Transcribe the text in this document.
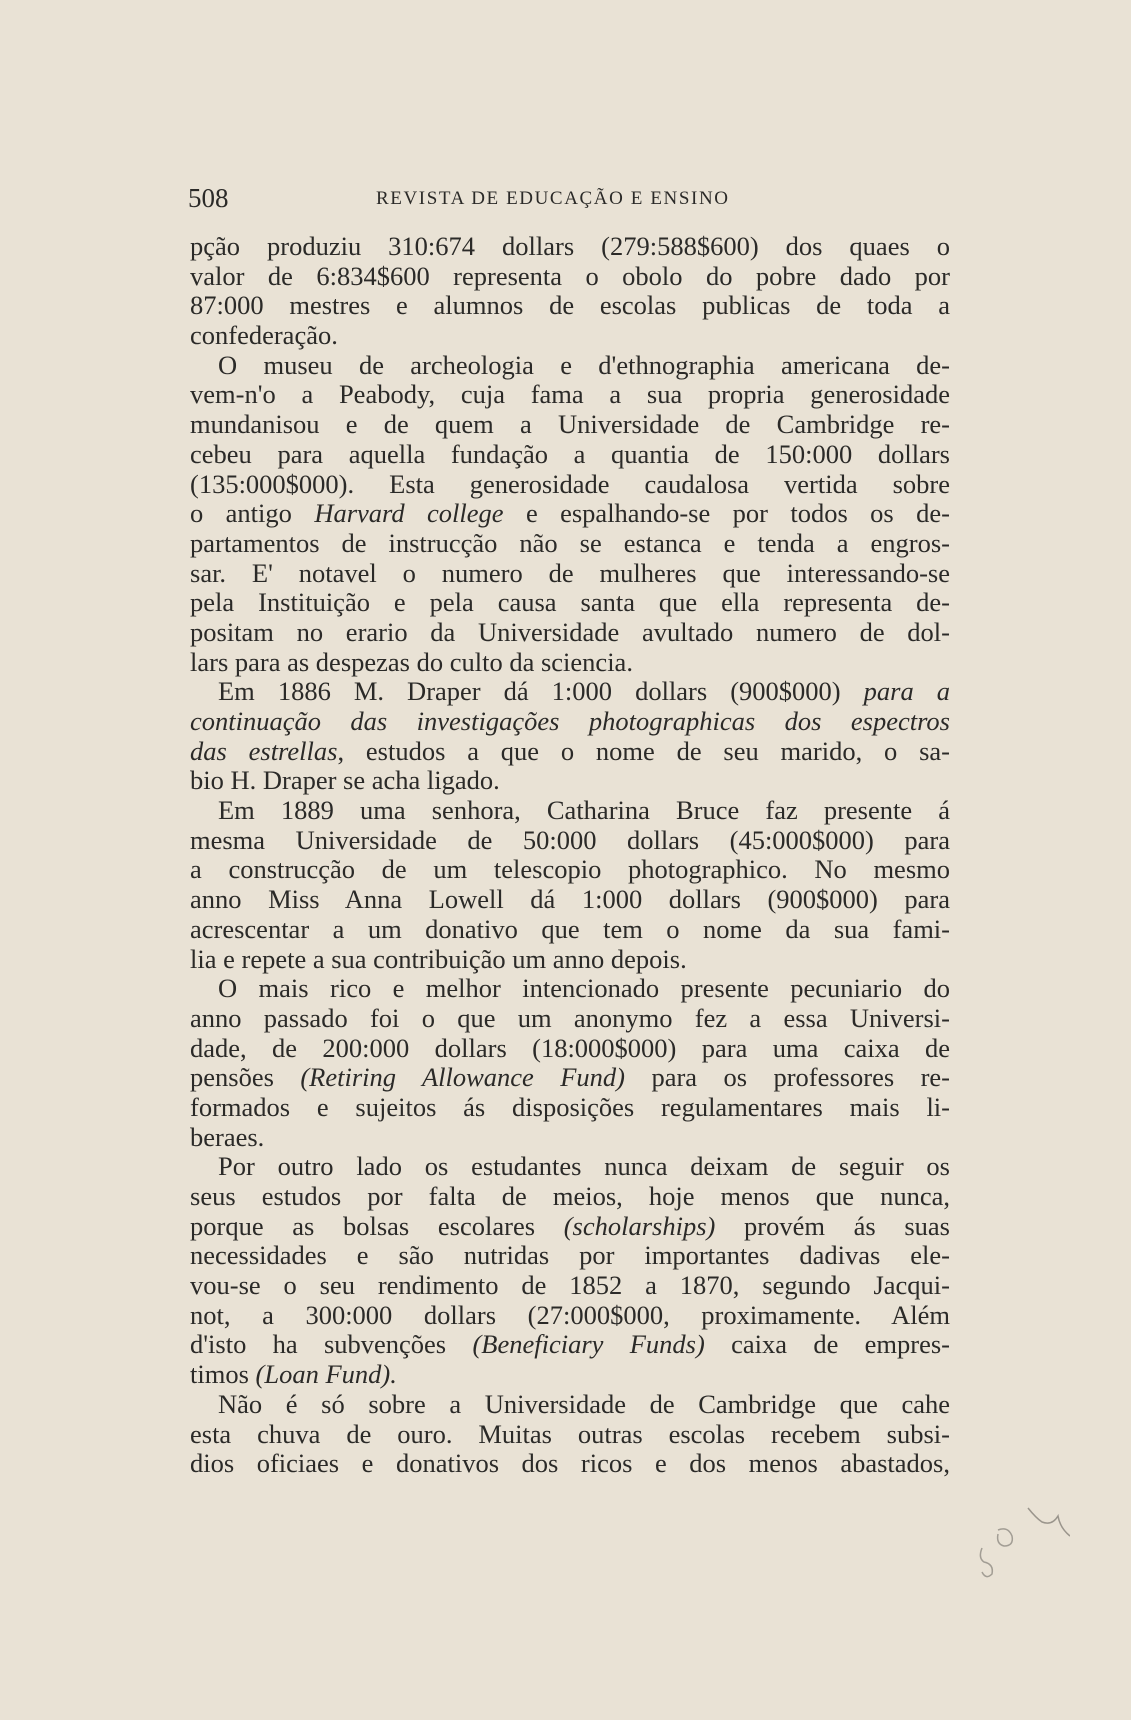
508	REVISTA DE EDUCAÇÃO E ENSINO
pção produziu 310:674 dollars (279:588$600) dos quaes o
valor de 6:834$600 representa o obolo do pobre dado por
87:000 mestres e alumnos de escolas publicas de toda a
confederação.
O museu de archeologia e d'ethnographia americana de-
vem-n'o a Peabody, cuja fama a sua propria generosidade
mundanisou e de quem a Universidade de Cambridge re-
cebeu para aquella fundação a quantia de 150:000 dollars
(135:000$000). Esta generosidade caudalosa vertida sobre
o antigo Harvard college e espalhando-se por todos os de-
partamentos de instrucção não se estanca e tenda a engros-
sar. E' notavel o numero de mulheres que interessando-se
pela Instituição e pela causa santa que ella representa de-
positam no erario da Universidade avultado numero de dol-
lars para as despezas do culto da sciencia.
Em 1886 M. Draper dá 1:000 dollars (900$000) para a
continuação das investigações photographicas dos espectros
das estrellas, estudos a que o nome de seu marido, o sa-
bio H. Draper se acha ligado.
Em 1889 uma senhora, Catharina Bruce faz presente á
mesma Universidade de 50:000 dollars (45:000$000) para
a construcção de um telescopio photographico. No mesmo
anno Miss Anna Lowell dá 1:000 dollars (900$000) para
acrescentar a um donativo que tem o nome da sua fami-
lia e repete a sua contribuição um anno depois.
O mais rico e melhor intencionado presente pecuniario do
anno passado foi o que um anonymo fez a essa Universi-
dade, de 200:000 dollars (18:000$000) para uma caixa de
pensões (Retiring Allowance Fund) para os professores re-
formados e sujeitos ás disposições regulamentares mais li-
beraes.
Por outro lado os estudantes nunca deixam de seguir os
seus estudos por falta de meios, hoje menos que nunca,
porque as bolsas escolares (scholarships) provém ás suas
necessidades e são nutridas por importantes dadivas ele-
vou-se o seu rendimento de 1852 a 1870, segundo Jacqui-
not, a 300:000 dollars (27:000$000, proximamente. Além
d'isto ha subvenções (Beneficiary Funds) caixa de empres-
timos (Loan Fund).
Não é só sobre a Universidade de Cambridge que cahe
esta chuva de ouro. Muitas outras escolas recebem subsi-
dios oficiaes e donativos dos ricos e dos menos abastados,
